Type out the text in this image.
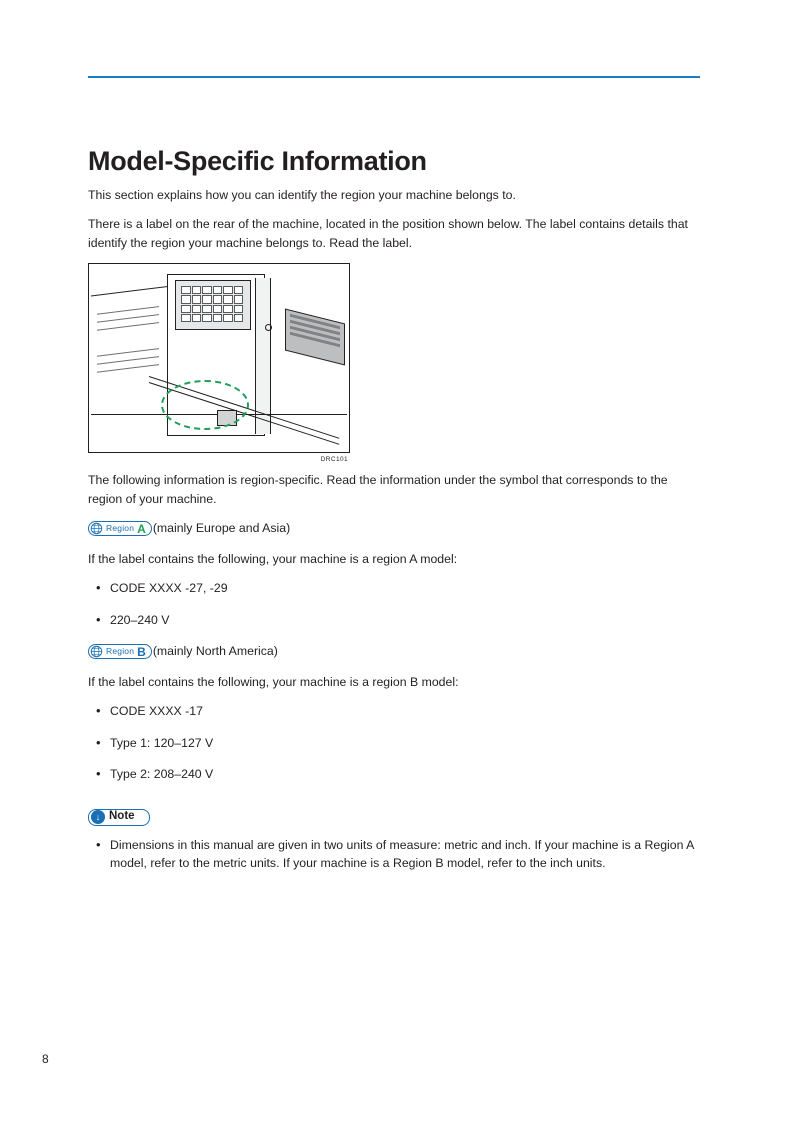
Model-Specific Information

This section explains how you can identify the region your machine belongs to.

There is a label on the rear of the machine, located in the position shown below. The label contains details that identify the region your machine belongs to. Read the label.

DRC101

The following information is region-specific. Read the information under the symbol that corresponds to the region of your machine.

Region A (mainly Europe and Asia)

If the label contains the following, your machine is a region A model:

• CODE XXXX -27, -29
• 220–240 V
Region B (mainly North America)

If the label contains the following, your machine is a region B model:

• CODE XXXX -17
• Type 1: 120–127 V
• Type 2: 208–240 V
↓ Note
• Dimensions in this manual are given in two units of measure: metric and inch. If your machine is a Region A model, refer to the metric units. If your machine is a Region B model, refer to the inch units.
8
